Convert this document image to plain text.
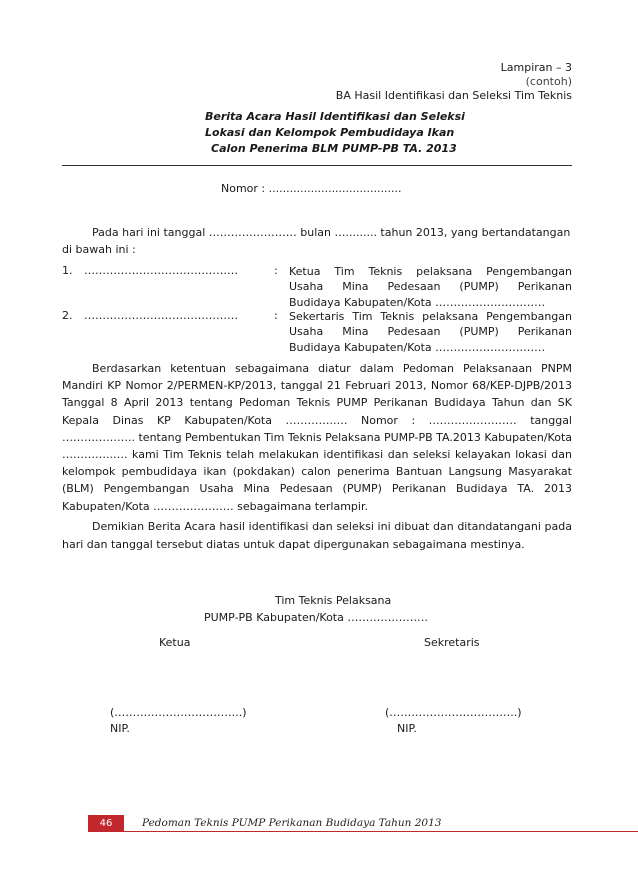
Lampiran – 3
(contoh)
BA Hasil Identifikasi dan Seleksi Tim Teknis
Berita Acara Hasil Identifikasi dan Seleksi
Lokasi dan Kelompok Pembudidaya Ikan
Calon Penerima BLM PUMP-PB TA. 2013
Nomor : ......................................
Pada hari ini tanggal …………………… bulan …......... tahun 2013, yang bertandatangan
di bawah ini :
1. ……………………………………	: Ketua Tim Teknis pelaksana Pengembangan
Usaha Mina Pedesaan (PUMP) Perikanan
Budidaya Kabupaten/Kota …………………………
2. ……………………………………	: Sekertaris Tim Teknis pelaksana Pengembangan
Usaha Mina Pedesaan (PUMP) Perikanan
Budidaya Kabupaten/Kota …………………………
Berdasarkan ketentuan sebagaimana diatur dalam Pedoman Pelaksanaan PNPM
Mandiri KP Nomor 2/PERMEN-KP/2013, tanggal 21 Februari 2013, Nomor 68/KEP-DJPB/2013
Tanggal 8 April 2013 tentang Pedoman Teknis PUMP Perikanan Budidaya Tahun dan SK
Kepala Dinas KP Kabupaten/Kota …………..… Nomor : …………………… tanggal
……………….. tentang Pembentukan Tim Teknis Pelaksana PUMP-PB TA.2013 Kabupaten/Kota
…………..…. kami Tim Teknis telah melakukan identifikasi dan seleksi kelayakan lokasi dan
kelompok pembudidaya ikan (pokdakan) calon penerima Bantuan Langsung Masyarakat
(BLM) Pengembangan Usaha Mina Pedesaan (PUMP) Perikanan Budidaya TA. 2013
Kabupaten/Kota …………………. sebagaimana terlampir.
Demikian Berita Acara hasil identifikasi dan seleksi ini dibuat dan ditandatangani pada
hari dan tanggal tersebut diatas untuk dapat dipergunakan sebagaimana mestinya.
Tim Teknis Pelaksana
PUMP-PB Kabupaten/Kota ………………….
Ketua	Sekretaris
(……………………………..)
NIP.
(……………………………..)
NIP.
46	Pedoman Teknis PUMP Perikanan Budidaya Tahun 2013
